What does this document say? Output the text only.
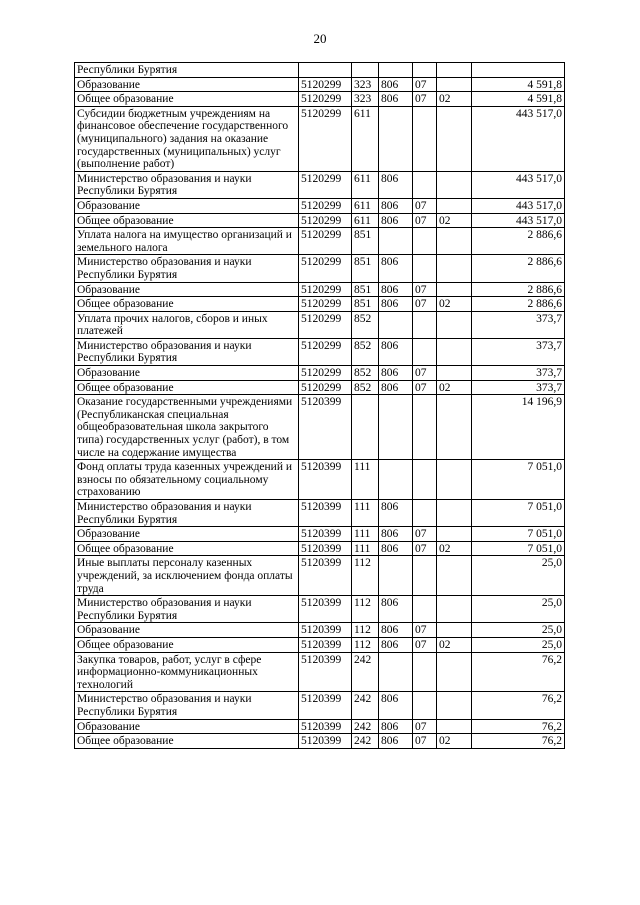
20
Республики Бурятия						
Образование	5120299	323	806	07		4 591,8
Общее образование	5120299	323	806	07	02	4 591,8
Субсидии бюджетным учреждениям на финансовое обеспечение государственного (муниципального) задания на оказание государственных (муниципальных) услуг (выполнение работ)	5120299	611				443 517,0
Министерство образования и науки Республики Бурятия	5120299	611	806			443 517,0
Образование	5120299	611	806	07		443 517,0
Общее образование	5120299	611	806	07	02	443 517,0
Уплата налога на имущество организаций и земельного налога	5120299	851				2 886,6
Министерство образования и науки Республики Бурятия	5120299	851	806			2 886,6
Образование	5120299	851	806	07		2 886,6
Общее образование	5120299	851	806	07	02	2 886,6
Уплата прочих налогов, сборов и иных платежей	5120299	852				373,7
Министерство образования и науки Республики Бурятия	5120299	852	806			373,7
Образование	5120299	852	806	07		373,7
Общее образование	5120299	852	806	07	02	373,7
Оказание государственными учреждениями (Республиканская специальная общеобразовательная школа закрытого типа) государственных услуг (работ), в том числе на содержание имущества	5120399					14 196,9
Фонд оплаты труда казенных учреждений и взносы по обязательному социальному страхованию	5120399	111				7 051,0
Министерство образования и науки Республики Бурятия	5120399	111	806			7 051,0
Образование	5120399	111	806	07		7 051,0
Общее образование	5120399	111	806	07	02	7 051,0
Иные выплаты персоналу казенных учреждений, за исключением фонда оплаты труда	5120399	112				25,0
Министерство образования и науки Республики Бурятия	5120399	112	806			25,0
Образование	5120399	112	806	07		25,0
Общее образование	5120399	112	806	07	02	25,0
Закупка товаров, работ, услуг в сфере информационно-коммуникационных технологий	5120399	242				76,2
Министерство образования и науки Республики Бурятия	5120399	242	806			76,2
Образование	5120399	242	806	07		76,2
Общее образование	5120399	242	806	07	02	76,2
